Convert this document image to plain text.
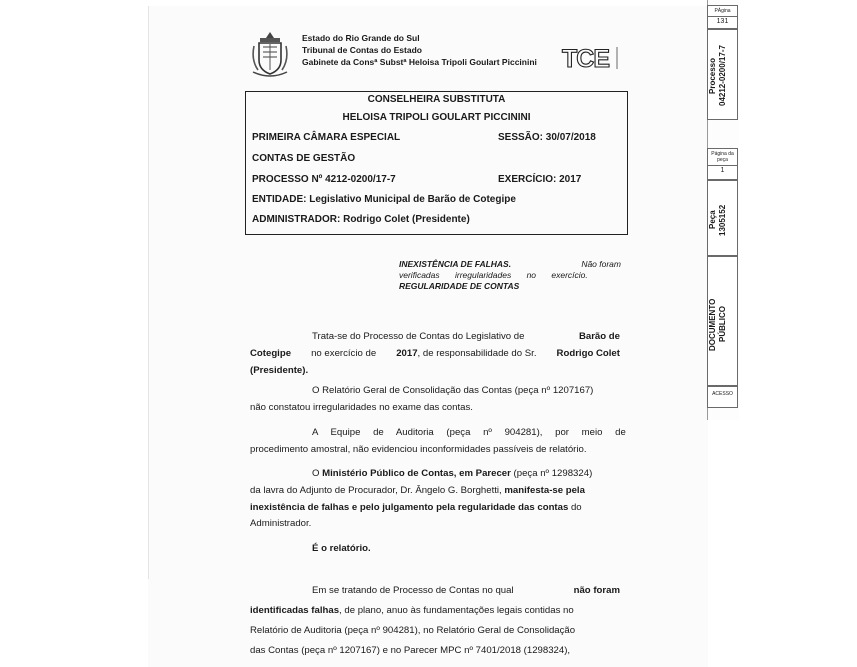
PÁgina
131
Processo
04212-0200/17-7
Página da peça
1
Peça
1305152
DOCUMENTO
PÚBLICO
ACESSO
Estado do Rio Grande do Sul
Tribunal de Contas do Estado
Gabinete da Consª Substª Heloisa Tripoli Goulart Piccinini TCE
CONSELHEIRA SUBSTITUTA
HELOISA TRIPOLI GOULART PICCININI
PRIMEIRA CÂMARA ESPECIAL	SESSÃO: 30/07/2018
CONTAS DE GESTÃO
PROCESSO Nº 4212-0200/17-7	EXERCÍCIO: 2017
ENTIDADE: Legislativo Municipal de Barão de Cotegipe
ADMINISTRADOR: Rodrigo Colet (Presidente)
INEXISTÊNCIA DE FALHAS.	Não foram
verificadas irregularidades no exercício.
REGULARIDADE DE CONTAS
Trata-se do Processo de Contas do Legislativo de	Barão de
Cotegipe no exercício de 2017, de responsabilidade do Sr. Rodrigo Colet
(Presidente).
O Relatório Geral de Consolidação das Contas (peça nº 1207167)
não constatou irregularidades no exame das contas.
A Equipe de Auditoria (peça nº 904281), por meio de
procedimento amostral, não evidenciou inconformidades passíveis de relatório.
O Ministério Público de Contas, em Parecer (peça nº 1298324)
da lavra do Adjunto de Procurador, Dr. Ângelo G. Borghetti, manifesta-se pela
inexistência de falhas e pelo julgamento pela regularidade das contas do
Administrador.
É o relatório.
Em se tratando de Processo de Contas no qual	não foram
identificadas falhas, de plano, anuo às fundamentações legais contidas no
Relatório de Auditoria (peça nº 904281), no Relatório Geral de Consolidação
das Contas (peça nº 1207167) e no Parecer MPC nº 7401/2018 (1298324),
